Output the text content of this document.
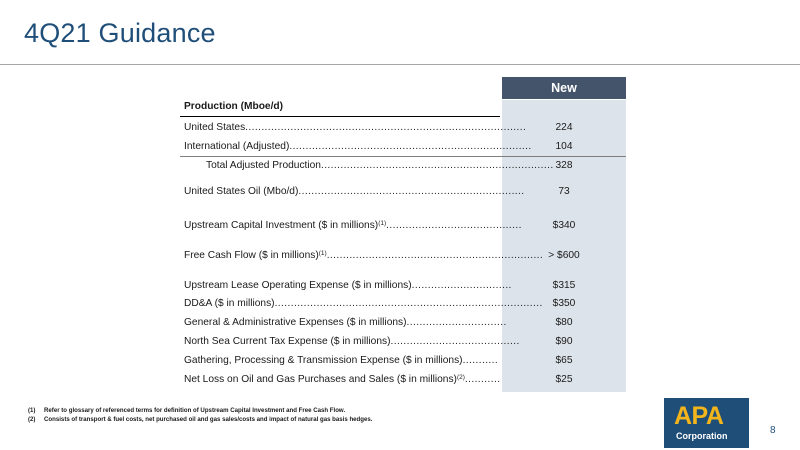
4Q21 Guidance
New
Production (Mboe/d)
United States.......................................................................................	224
International (Adjusted)...........................................................................	104
Total Adjusted Production........................................................................ 328
United States Oil (Mbo/d)......................................................................	73
Upstream Capital Investment ($ in millions)$^{(1)}$..........................................	$340
Free Cash Flow ($ in millions)$^{(1)}$................................................................... > $600
Upstream Lease Operating Expense ($ in millions)...............................	$315
DD&A ($ in millions)................................................................................... $350
General & Administrative Expenses ($ in millions)...............................	$80
North Sea Current Tax Expense ($ in millions)........................................	$90
Gathering, Processing & Transmission Expense ($ in millions)...........	$65
Net Loss on Oil and Gas Purchases and Sales ($ in millions)$^{(2)}$...........	$25
(1) Refer to glossary of referenced terms for definition of Upstream Capital Investment and Free Cash Flow.
(2) Consists of transport & fuel costs, net purchased oil and gas sales/costs and impact of natural gas basis hedges.	APA
Corporation	8
